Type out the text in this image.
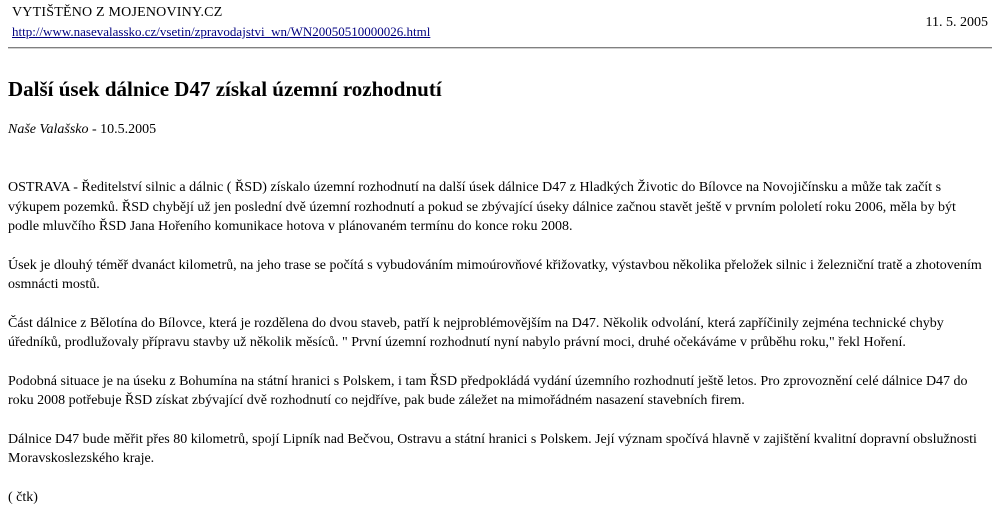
VYTIŠTĚNO Z MOJENOVINY.CZ
http://www.nasevalassko.cz/vsetin/zpravodajstvi_wn/WN20050510000026.html
11. 5. 2005
Další úsek dálnice D47 získal územní rozhodnutí
Naše Valašsko - 10.5.2005

OSTRAVA - Ředitelství silnic a dálnic ( ŘSD) získalo územní rozhodnutí na další úsek dálnice D47 z Hladkých Životic do Bílovce na Novojičínsku a může tak začít s výkupem pozemků. ŘSD chybějí už jen poslední dvě územní rozhodnutí a pokud se zbývající úseky dálnice začnou stavět ještě v prvním pololetí roku 2006, měla by být podle mluvčího ŘSD Jana Hořeního komunikace hotova v plánovaném termínu do konce roku 2008.

Úsek je dlouhý téměř dvanáct kilometrů, na jeho trase se počítá s vybudováním mimoúrovňové křižovatky, výstavbou několika přeložek silnic i železniční tratě a zhotovením osmnácti mostů.

Část dálnice z Bělotína do Bílovce, která je rozdělena do dvou staveb, patří k nejproblémovějším na D47. Několik odvolání, která zapříčinily zejména technické chyby úředníků, prodlužovaly přípravu stavby už několik měsíců. " První územní rozhodnutí nyní nabylo právní moci, druhé očekáváme v průběhu roku," řekl Hoření.

Podobná situace je na úseku z Bohumína na státní hranici s Polskem, i tam ŘSD předpokládá vydání územního rozhodnutí ještě letos. Pro zprovoznění celé dálnice D47 do roku 2008 potřebuje ŘSD získat zbývající dvě rozhodnutí co nejdříve, pak bude záležet na mimořádném nasazení stavebních firem.

Dálnice D47 bude měřit přes 80 kilometrů, spojí Lipník nad Bečvou, Ostravu a státní hranici s Polskem. Její význam spočívá hlavně v zajištění kvalitní dopravní obslužnosti Moravskoslezského kraje.

( čtk)
